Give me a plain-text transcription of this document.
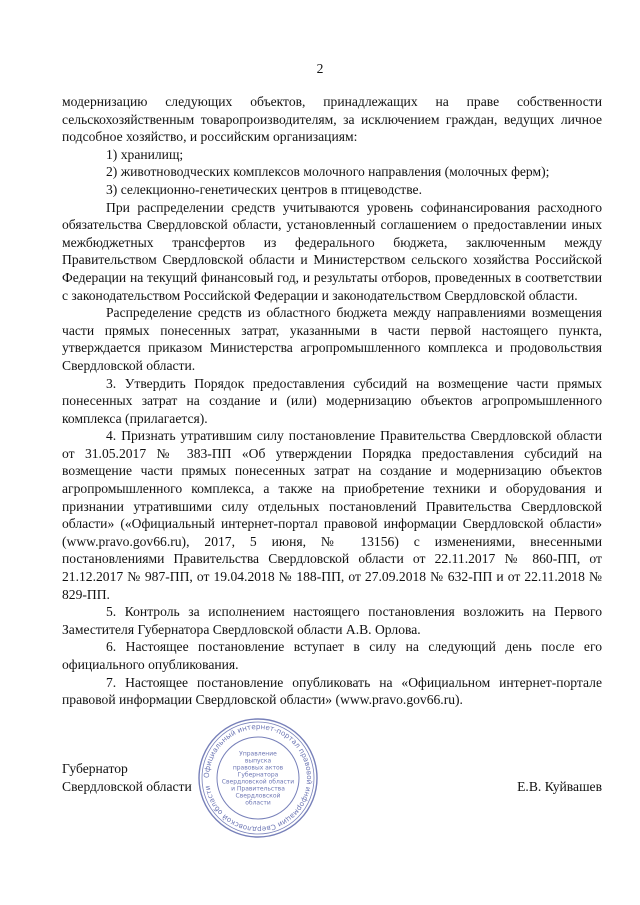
2

модернизацию следующих объектов, принадлежащих на праве собственности сельскохозяйственным товаропроизводителям, за исключением граждан, ведущих личное подсобное хозяйство, и российским организациям:

1) хранилищ;

2) животноводческих комплексов молочного направления (молочных ферм);

3) селекционно-генетических центров в птицеводстве.

При распределении средств учитываются уровень софинансирования расходного обязательства Свердловской области, установленный соглашением о предоставлении иных межбюджетных трансфертов из федерального бюджета, заключенным между Правительством Свердловской области и Министерством сельского хозяйства Российской Федерации на текущий финансовый год, и результаты отборов, проведенных в соответствии с законодательством Российской Федерации и законодательством Свердловской области.

Распределение средств из областного бюджета между направлениями возмещения части прямых понесенных затрат, указанными в части первой настоящего пункта, утверждается приказом Министерства агропромышленного комплекса и продовольствия Свердловской области.

3. Утвердить Порядок предоставления субсидий на возмещение части прямых понесенных затрат на создание и (или) модернизацию объектов агропромышленного комплекса (прилагается).

4. Признать утратившим силу постановление Правительства Свердловской области от 31.05.2017 № 383-ПП «Об утверждении Порядка предоставления субсидий на возмещение части прямых понесенных затрат на создание и модернизацию объектов агропромышленного комплекса, а также на приобретение техники и оборудования и признании утратившими силу отдельных постановлений Правительства Свердловской области» («Официальный интернет-портал правовой информации Свердловской области» (www.pravo.gov66.ru), 2017, 5 июня, № 13156) с изменениями, внесенными постановлениями Правительства Свердловской области от 22.11.2017 № 860-ПП, от 21.12.2017 № 987-ПП, от 19.04.2018 № 188-ПП, от 27.09.2018 № 632-ПП и от 22.11.2018 № 829-ПП.

5. Контроль за исполнением настоящего постановления возложить на Первого Заместителя Губернатора Свердловской области А.В. Орлова.

6. Настоящее постановление вступает в силу на следующий день после его официального опубликования.

7. Настоящее постановление опубликовать на «Официальном интернет-портале правовой информации Свердловской области» (www.pravo.gov66.ru).

Губернатор

Свердловской области	Е.В. Куйвашев

Официальный интернет-портал правовой информации Свердловской области
Управление
выпуска
правовых актов
Губернатора
Свердловской области
и Правительства
Свердловской
области
